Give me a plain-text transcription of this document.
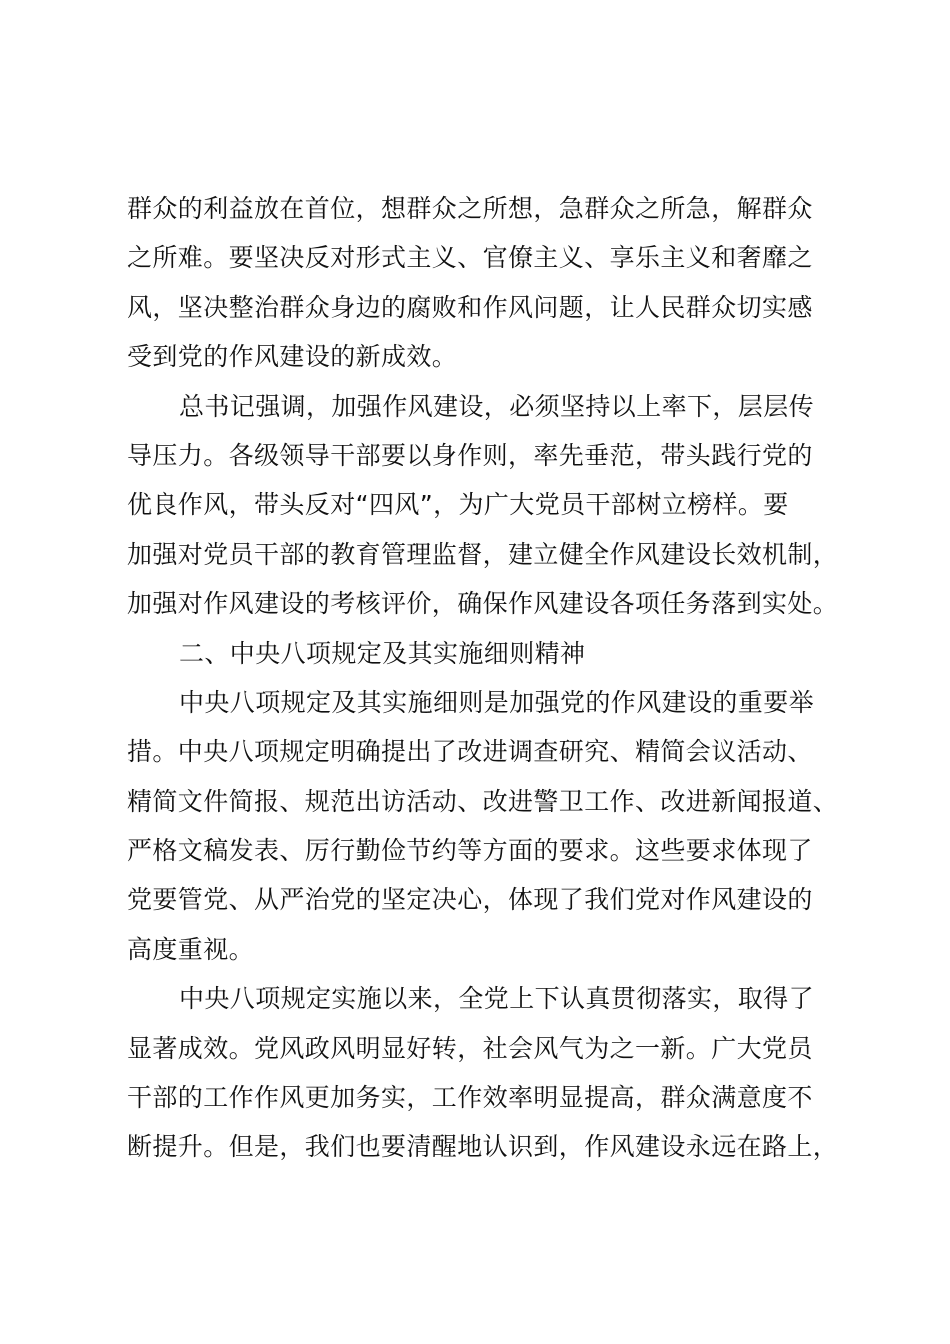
群众的利益放在首位，想群众之所想，急群众之所急，解群众
之所难。要坚决反对形式主义、官僚主义、享乐主义和奢靡之
风，坚决整治群众身边的腐败和作风问题，让人民群众切实感
受到党的作风建设的新成效。
总书记强调，加强作风建设，必须坚持以上率下，层层传
导压力。各级领导干部要以身作则，率先垂范，带头践行党的
优良作风，带头反对“四风”，为广大党员干部树立榜样。要
加强对党员干部的教育管理监督，建立健全作风建设长效机制，
加强对作风建设的考核评价，确保作风建设各项任务落到实处。
二、中央八项规定及其实施细则精神
中央八项规定及其实施细则是加强党的作风建设的重要举
措。中央八项规定明确提出了改进调查研究、精简会议活动、
精简文件简报、规范出访活动、改进警卫工作、改进新闻报道、
严格文稿发表、厉行勤俭节约等方面的要求。这些要求体现了
党要管党、从严治党的坚定决心，体现了我们党对作风建设的
高度重视。
中央八项规定实施以来，全党上下认真贯彻落实，取得了
显著成效。党风政风明显好转，社会风气为之一新。广大党员
干部的工作作风更加务实，工作效率明显提高，群众满意度不
断提升。但是，我们也要清醒地认识到，作风建设永远在路上，
